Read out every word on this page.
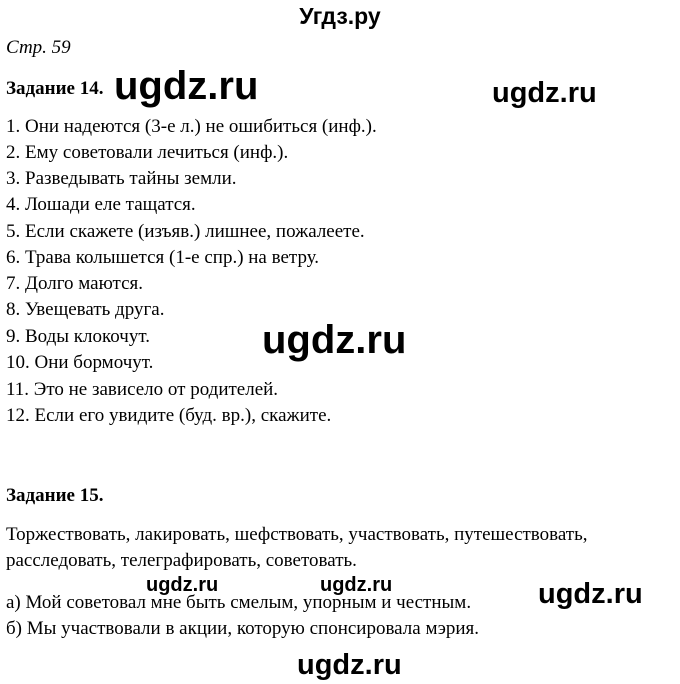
Угдз.ру
Стр. 59
Задание 14.
1. Они надеются (3-е л.) не ошибиться (инф.).
2. Ему советовали лечиться (инф.).
3. Разведывать тайны земли.
4. Лошади еле тащатся.
5. Если скажете (изъяв.) лишнее, пожалеете.
6. Трава колышется (1-е спр.) на ветру.
7. Долго маются.
8. Увещевать друга.
9. Воды клокочут.
10. Они бормочут.
11. Это не зависело от родителей.
12. Если его увидите (буд. вр.), скажите.
Задание 15.
Торжествовать, лакировать, шефствовать, участвовать, путешествовать,
расследовать, телеграфировать, советовать.
а) Мой советовал мне быть смелым, упорным и честным.
б) Мы участвовали в акции, которую спонсировала мэрия.
ugdz.ru	ugdz.ru
ugdz.ru
ugdz.ru	ugdz.ru	ugdz.ru
ugdz.ru
